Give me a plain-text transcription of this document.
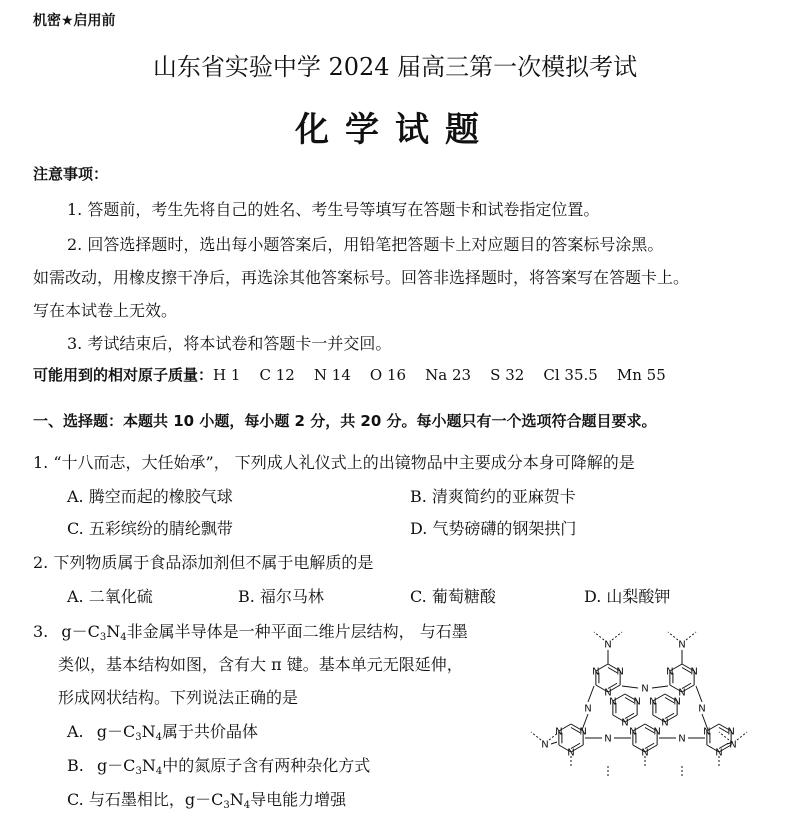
机密★启用前
山东省实验中学 2024 届高三第一次模拟考试
化学试题
注意事项：
1. 答题前，考生先将自己的姓名、考生号等填写在答题卡和试卷指定位置。
2. 回答选择题时，选出每小题答案后，用铅笔把答题卡上对应题目的答案标号涂黑。
如需改动，用橡皮擦干净后，再选涂其他答案标号。回答非选择题时，将答案写在答题卡上。
写在本试卷上无效。
3. 考试结束后，将本试卷和答题卡一并交回。
可能用到的相对原子质量：H 1    C 12    N 14    O 16    Na 23    S 32    Cl 35.5    Mn 55
一、选择题：本题共 10 小题，每小题 2 分，共 20 分。每小题只有一个选项符合题目要求。
1. “十八而志，大任始承”， 下列成人礼仪式上的出镜物品中主要成分本身可降解的是
A. 腾空而起的橡胶气球	B. 清爽简约的亚麻贺卡
C. 五彩缤纷的腈纶飘带	D. 气势磅礴的钢架拱门
2. 下列物质属于食品添加剂但不属于电解质的是
A. 二氧化硫	B. 福尔马林	C. 葡萄糖酸	D. 山梨酸钾
3. $g-C_3N_4$非金属半导体是一种平面二维片层结构， 与石墨
类似，基本结构如图，含有大 π 键。基本单元无限延伸，
形成网状结构。下列说法正确的是
A. $g-C_3N_4$属于共价晶体
B. $g-C_3N_4$中的氮原子含有两种杂化方式
C. 与石墨相比，$g-C_3N_4$导电能力增强
N
N
N	N
N
N
N
N
N	N
N
N	N
N
N
N
N
N	N
N
N
N
N	N
N	N
N	N
N	N
